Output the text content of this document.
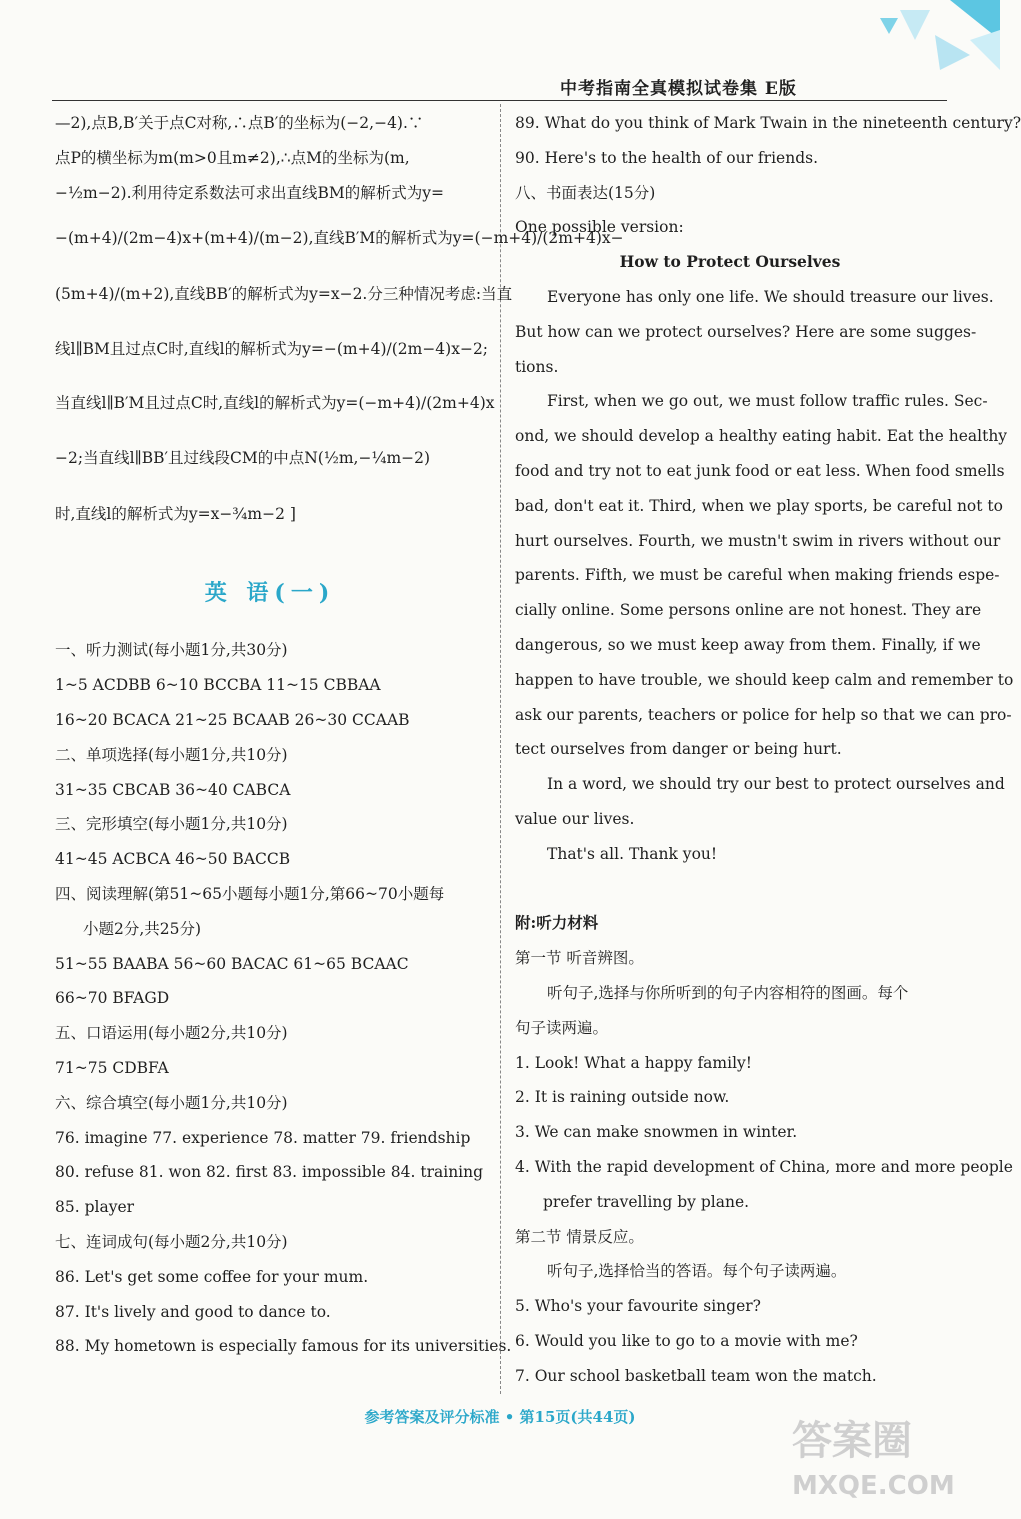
中考指南全真模拟试卷集 E版
—2),点B,B′关于点C对称,∴点B′的坐标为(−2,−4).∵
点P的横坐标为m(m>0且m≠2),∴点M的坐标为(m,
−½m−2).利用待定系数法可求出直线BM的解析式为y=
−(m+4)/(2m−4)x+(m+4)/(m−2),直线B′M的解析式为y=(−m+4)/(2m+4)x−
(5m+4)/(m+2),直线BB′的解析式为y=x−2.分三种情况考虑:当直
线l∥BM且过点C时,直线l的解析式为y=−(m+4)/(2m−4)x−2;
当直线l∥B′M且过点C时,直线l的解析式为y=(−m+4)/(2m+4)x
−2;当直线l∥BB′且过线段CM的中点N(½m,−¼m−2)
时,直线l的解析式为y=x−¾m−2 ]
英 语(一)
一、听力测试(每小题1分,共30分)
1~5 ACDBB 6~10 BCCBA 11~15 CBBAA
16~20 BCACA 21~25 BCAAB 26~30 CCAAB
二、单项选择(每小题1分,共10分)
31~35 CBCAB 36~40 CABCA
三、完形填空(每小题1分,共10分)
41~45 ACBCA 46~50 BACCB
四、阅读理解(第51~65小题每小题1分,第66~70小题每
小题2分,共25分)
51~55 BAABA 56~60 BACAC 61~65 BCAAC
66~70 BFAGD
五、口语运用(每小题2分,共10分)
71~75 CDBFA
六、综合填空(每小题1分,共10分)
76. imagine 77. experience 78. matter 79. friendship
80. refuse 81. won 82. first 83. impossible 84. training
85. player
七、连词成句(每小题2分,共10分)
86. Let's get some coffee for your mum.
87. It's lively and good to dance to.
88. My hometown is especially famous for its universities.
89. What do you think of Mark Twain in the nineteenth century?
90. Here's to the health of our friends.
八、书面表达(15分)
One possible version:
How to Protect Ourselves
Everyone has only one life. We should treasure our lives.
But how can we protect ourselves? Here are some sugges-
tions.
First, when we go out, we must follow traffic rules. Sec-
ond, we should develop a healthy eating habit. Eat the healthy
food and try not to eat junk food or eat less. When food smells
bad, don't eat it. Third, when we play sports, be careful not to
hurt ourselves. Fourth, we mustn't swim in rivers without our
parents. Fifth, we must be careful when making friends espe-
cially online. Some persons online are not honest. They are
dangerous, so we must keep away from them. Finally, if we
happen to have trouble, we should keep calm and remember to
ask our parents, teachers or police for help so that we can pro-
tect ourselves from danger or being hurt.
In a word, we should try our best to protect ourselves and
value our lives.
That's all. Thank you!
附:听力材料
第一节 听音辨图。
听句子,选择与你所听到的句子内容相符的图画。每个
句子读两遍。
1. Look! What a happy family!
2. It is raining outside now.
3. We can make snowmen in winter.
4. With the rapid development of China, more and more people
prefer travelling by plane.
第二节 情景反应。
听句子,选择恰当的答语。每个句子读两遍。
5. Who's your favourite singer?
6. Would you like to go to a movie with me?
7. Our school basketball team won the match.
参考答案及评分标准 • 第15页(共44页)
答案圈
MXQE.COM
